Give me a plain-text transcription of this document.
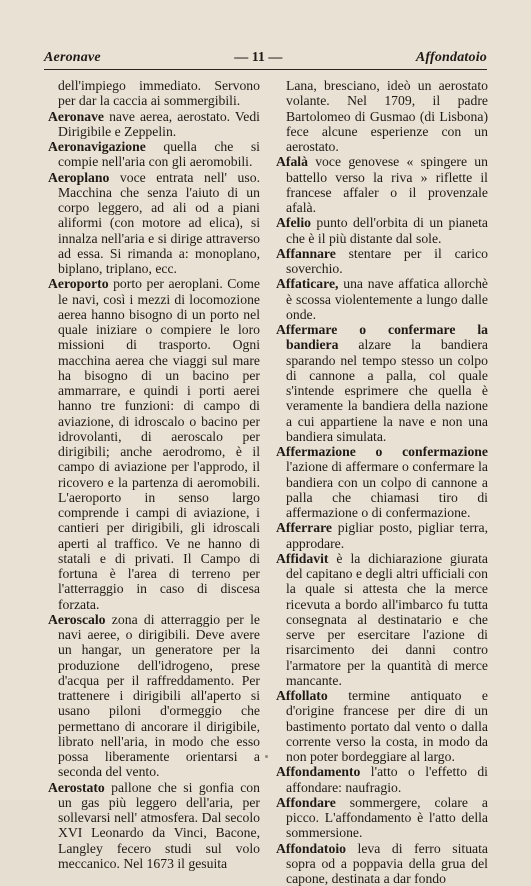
Aeronave	— 11 —	Affondatoio

dell'impiego immediato. Servono per dar la caccia ai sommergibili.

Aeronave nave aerea, aerostato. Vedi Dirigibile e Zeppelin.

Aeronavigazione quella che si compie nell'aria con gli aeromobili.

Aeroplano voce entrata nell' uso. Macchina che senza l'aiuto di un corpo leggero, ad ali od a piani aliformi (con motore ad elica), si innalza nell'aria e si dirige attraverso ad essa. Si rimanda a: monoplano, biplano, triplano, ecc.

Aeroporto porto per aeroplani. Come le navi, così i mezzi di locomozione aerea hanno bisogno di un porto nel quale iniziare o compiere le loro missioni di trasporto. Ogni macchina aerea che viaggi sul mare ha bisogno di un bacino per ammarrare, e quindi i porti aerei hanno tre funzioni: di campo di aviazione, di idroscalo o bacino per idrovolanti, di aeroscalo per dirigibili; anche aerodromo, è il campo di aviazione per l'approdo, il ricovero e la partenza di aeromobili. L'aeroporto in senso largo comprende i campi di aviazione, i cantieri per dirigibili, gli idroscali aperti al traffico. Ve ne hanno di statali e di privati. Il Campo di fortuna è l'area di terreno per l'atterraggio in caso di discesa forzata.

Aeroscalo zona di atterraggio per le navi aeree, o dirigibili. Deve avere un hangar, un generatore per la produzione dell'idrogeno, prese d'acqua per il raffreddamento. Per trattenere i dirigibili all'aperto si usano piloni d'ormeggio che permettano di ancorare il dirigibile, librato nell'aria, in modo che esso possa liberamente orientarsi a seconda del vento.

Aerostato pallone che si gonfia con un gas più leggero dell'aria, per sollevarsi nell' atmosfera. Dal secolo XVI Leonardo da Vinci, Bacone, Langley fecero studi sul volo meccanico. Nel 1673 il gesuita

Lana, bresciano, ideò un aerostato volante. Nel 1709, il padre Bartolomeo di Gusmao (di Lisbona) fece alcune esperienze con un aerostato.

Afalà voce genovese « spingere un battello verso la riva » riflette il francese affaler o il provenzale afalà.

Afelio punto dell'orbita di un pianeta che è il più distante dal sole.

Affannare stentare per il carico soverchio.

Affaticare, una nave affatica allorchè è scossa violentemente a lungo dalle onde.

Affermare o confermare la bandiera alzare la bandiera sparando nel tempo stesso un colpo di cannone a palla, col quale s'intende esprimere che quella è veramente la bandiera della nazione a cui appartiene la nave e non una bandiera simulata.

Affermazione o confermazione l'azione di affermare o confermare la bandiera con un colpo di cannone a palla che chiamasi tiro di affermazione o di confermazione.

Afferrare pigliar posto, pigliar terra, approdare.

Affidavit è la dichiarazione giurata del capitano e degli altri ufficiali con la quale si attesta che la merce ricevuta a bordo all'imbarco fu tutta consegnata al destinatario e che serve per esercitare l'azione di risarcimento dei danni contro l'armatore per la quantità di merce mancante.

Affollato termine antiquato e d'origine francese per dire di un bastimento portato dal vento o dalla corrente verso la costa, in modo da non poter bordeggiare al largo.

Affondamento l'atto o l'effetto di affondare: naufragio.

Affondare sommergere, colare a picco. L'affondamento è l'atto della sommersione.

Affondatoio leva di ferro situata sopra od a poppavia della grua del capone, destinata a dar fondo
